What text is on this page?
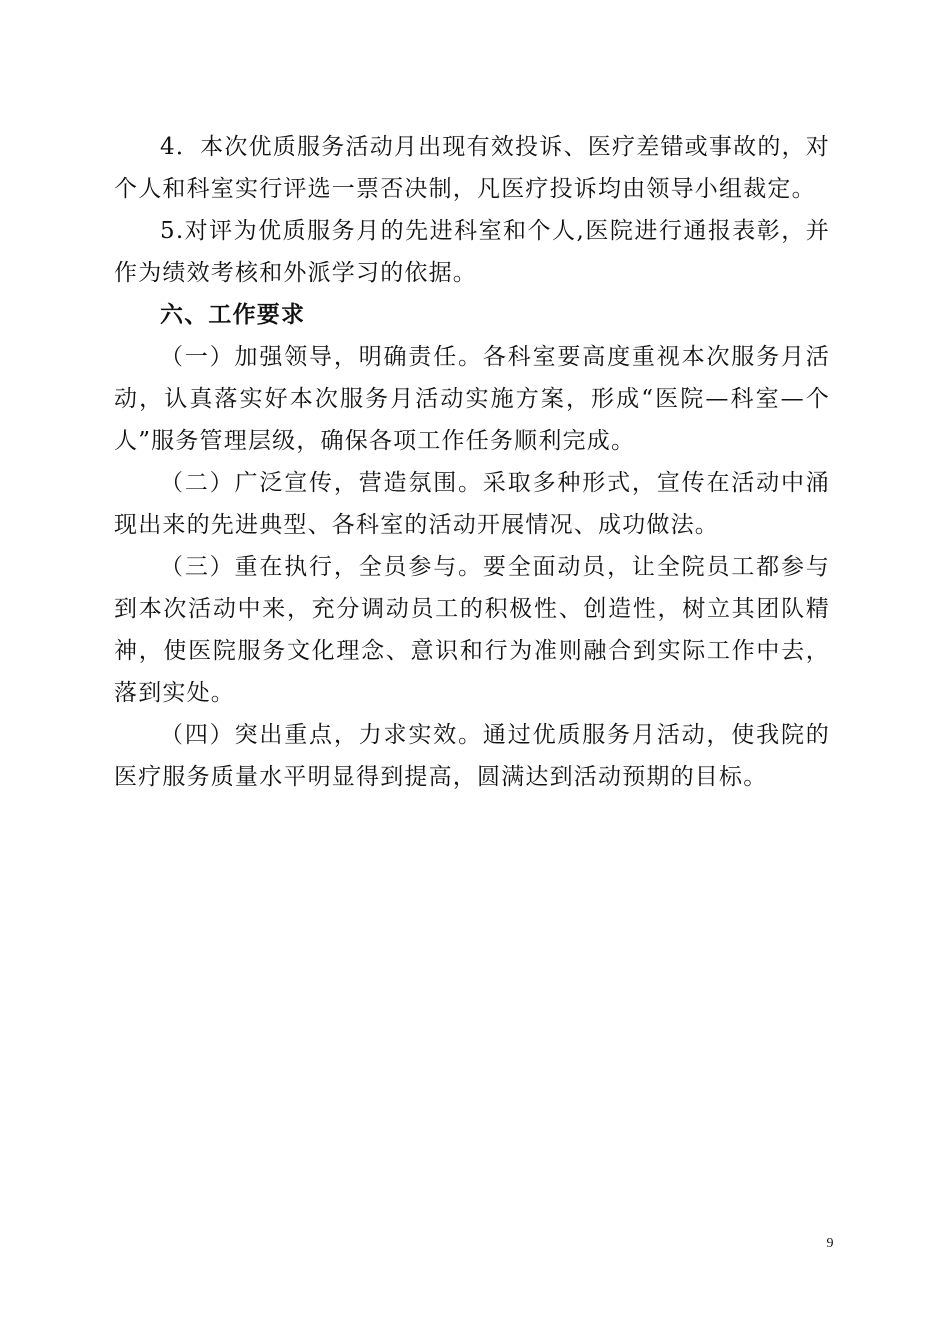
4．本次优质服务活动月出现有效投诉、医疗差错或事故的，对个人和科室实行评选一票否决制，凡医疗投诉均由领导小组裁定。

5.对评为优质服务月的先进科室和个人,医院进行通报表彰，并作为绩效考核和外派学习的依据。

六、工作要求

（一）加强领导，明确责任。各科室要高度重视本次服务月活动，认真落实好本次服务月活动实施方案，形成“医院—科室—个人”服务管理层级，确保各项工作任务顺利完成。

（二）广泛宣传，营造氛围。采取多种形式，宣传在活动中涌现出来的先进典型、各科室的活动开展情况、成功做法。

（三）重在执行，全员参与。要全面动员，让全院员工都参与到本次活动中来，充分调动员工的积极性、创造性，树立其团队精神，使医院服务文化理念、意识和行为准则融合到实际工作中去，落到实处。

（四）突出重点，力求实效。通过优质服务月活动，使我院的医疗服务质量水平明显得到提高，圆满达到活动预期的目标。

9
